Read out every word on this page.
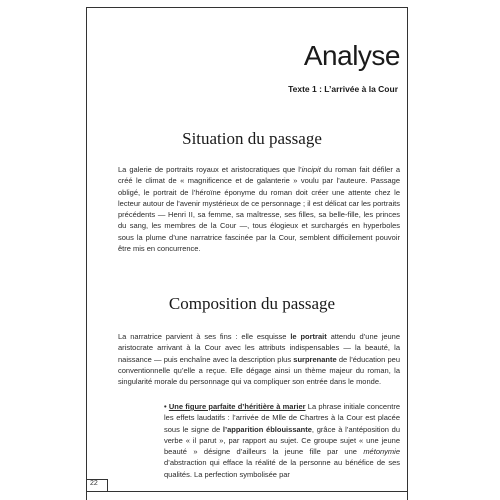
Analyse
Texte 1 : L’arrivée à la Cour
Situation du passage
La galerie de portraits royaux et aristocratiques que l’incipit du roman fait défiler a créé le climat de « magnificence et de galanterie » voulu par l’auteure. Passage obligé, le portrait de l’héroïne éponyme du roman doit créer une attente chez le lecteur autour de l’avenir mystérieux de ce personnage ; il est délicat car les portraits précédents — Henri II, sa femme, sa maîtresse, ses filles, sa belle-fille, les princes du sang, les membres de la Cour —, tous élogieux et surchargés en hyperboles sous la plume d’une narratrice fascinée par la Cour, semblent difficilement pouvoir être mis en concurrence.
Composition du passage
La narratrice parvient à ses fins : elle esquisse le portrait attendu d’une jeune aristocrate arrivant à la Cour avec les attributs indispensables — la beauté, la naissance — puis enchaîne avec la description plus surprenante de l’éducation peu conventionnelle qu’elle a reçue. Elle dégage ainsi un thème majeur du roman, la singularité morale du personnage qui va compliquer son entrée dans le monde.
• Une figure parfaite d’héritière à marier La phrase initiale concentre les effets laudatifs : l’arrivée de Mlle de Chartres à la Cour est placée sous le signe de l’apparition éblouissante, grâce à l’antéposition du verbe « il parut », par rapport au sujet. Ce groupe sujet « une jeune beauté » désigne d’ailleurs la jeune fille par une métonymie d’abstraction qui efface la réalité de la personne au bénéfice de ses qualités. La perfection symbolisée par
22
